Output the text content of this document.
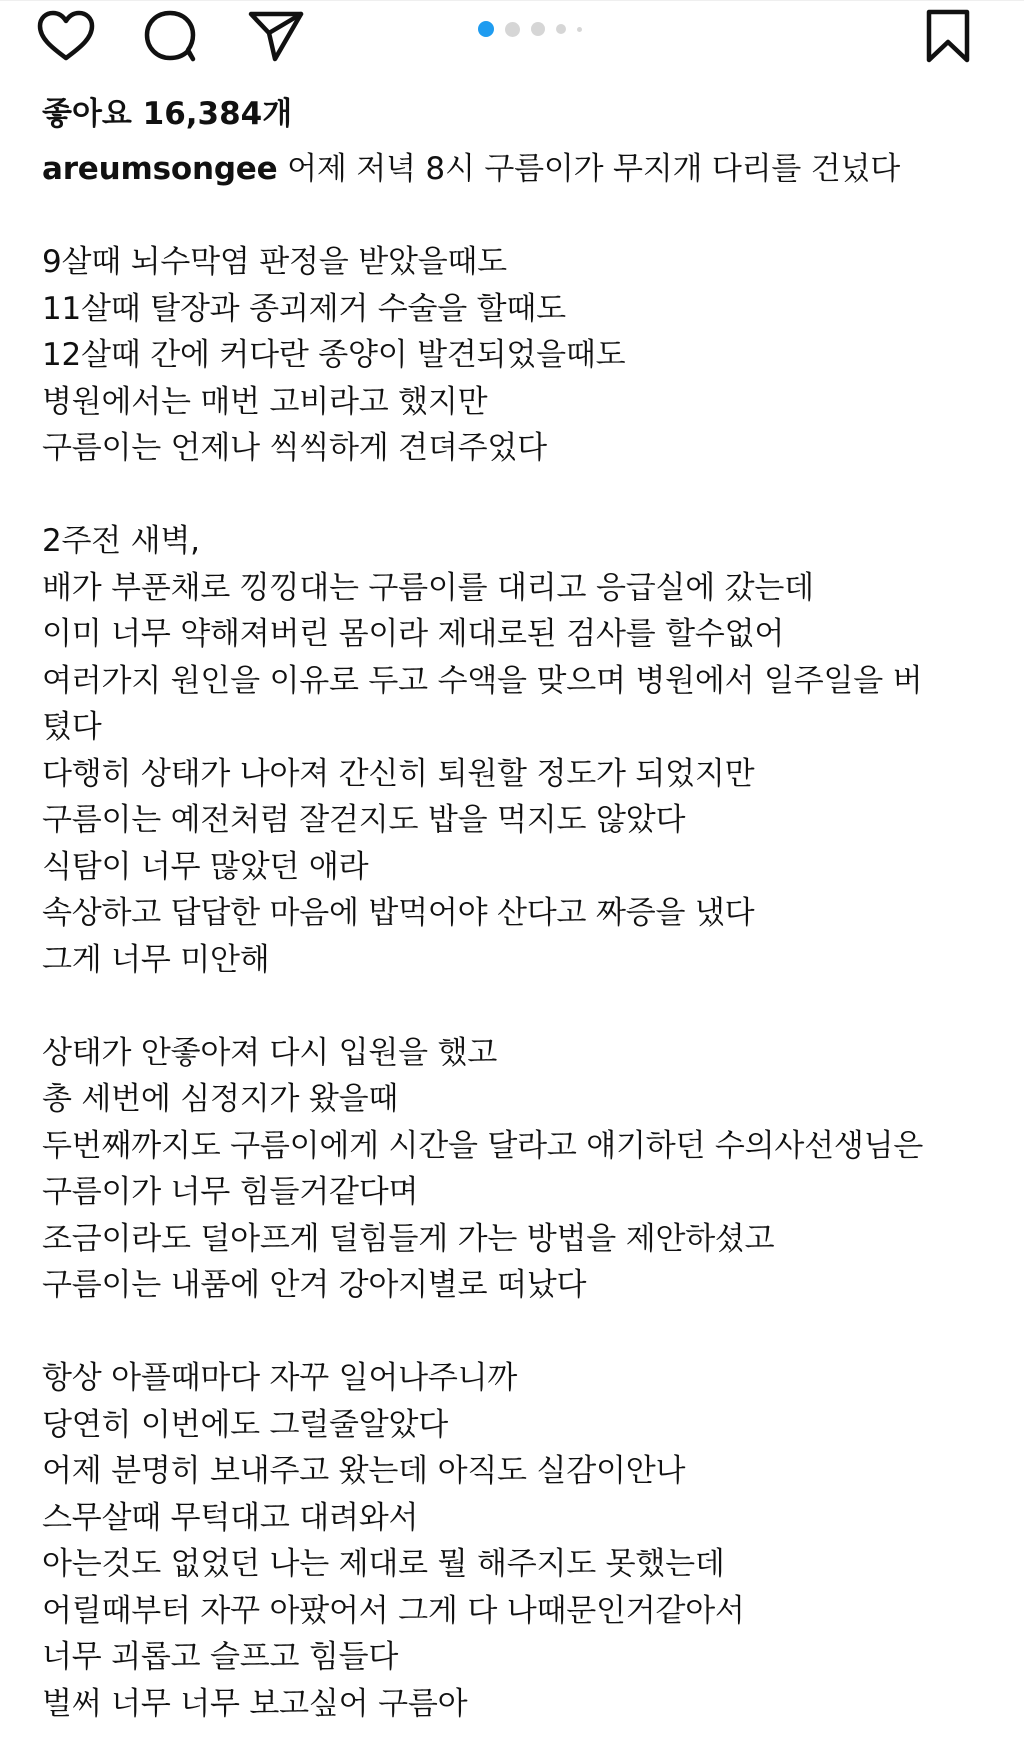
좋아요 16,384개
areumsongee 어제 저녁 8시 구름이가 무지개 다리를 건넜다
9살때 뇌수막염 판정을 받았을때도
11살때 탈장과 종괴제거 수술을 할때도
12살때 간에 커다란 종양이 발견되었을때도
병원에서는 매번 고비라고 했지만
구름이는 언제나 씩씩하게 견뎌주었다
2주전 새벽,
배가 부푼채로 낑낑대는 구름이를 대리고 응급실에 갔는데
이미 너무 약해져버린 몸이라 제대로된 검사를 할수없어
여러가지 원인을 이유로 두고 수액을 맞으며 병원에서 일주일을 버
텼다
다행히 상태가 나아져 간신히 퇴원할 정도가 되었지만
구름이는 예전처럼 잘걷지도 밥을 먹지도 않았다
식탐이 너무 많았던 애라
속상하고 답답한 마음에 밥먹어야 산다고 짜증을 냈다
그게 너무 미안해
상태가 안좋아져 다시 입원을 했고
총 세번에 심정지가 왔을때
두번째까지도 구름이에게 시간을 달라고 얘기하던 수의사선생님은
구름이가 너무 힘들거같다며
조금이라도 덜아프게 덜힘들게 가는 방법을 제안하셨고
구름이는 내품에 안겨 강아지별로 떠났다
항상 아플때마다 자꾸 일어나주니까
당연히 이번에도 그럴줄알았다
어제 분명히 보내주고 왔는데 아직도 실감이안나
스무살때 무턱대고 대려와서
아는것도 없었던 나는 제대로 뭘 해주지도 못했는데
어릴때부터 자꾸 아팠어서 그게 다 나때문인거같아서
너무 괴롭고 슬프고 힘들다
벌써 너무 너무 보고싶어 구름아
